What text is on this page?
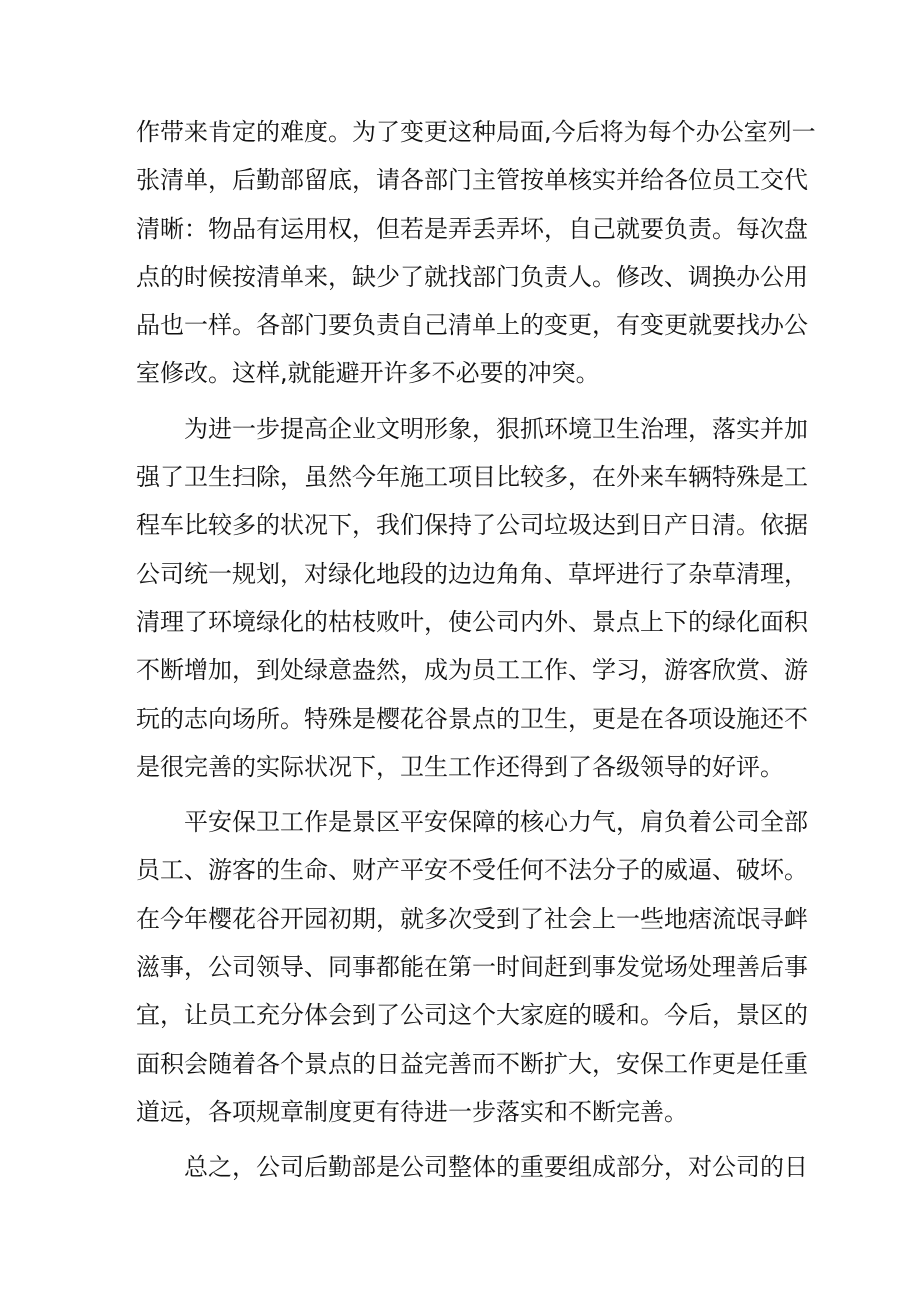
作带来肯定的难度。为了变更这种局面,今后将为每个办公室列一
张清单，后勤部留底，请各部门主管按单核实并给各位员工交代
清晰：物品有运用权，但若是弄丢弄坏，自己就要负责。每次盘
点的时候按清单来，缺少了就找部门负责人。修改、调换办公用
品也一样。各部门要负责自己清单上的变更，有变更就要找办公
室修改。这样,就能避开许多不必要的冲突。
为进一步提高企业文明形象，狠抓环境卫生治理，落实并加
强了卫生扫除，虽然今年施工项目比较多，在外来车辆特殊是工
程车比较多的状况下，我们保持了公司垃圾达到日产日清。依据
公司统一规划，对绿化地段的边边角角、草坪进行了杂草清理，
清理了环境绿化的枯枝败叶，使公司内外、景点上下的绿化面积
不断增加，到处绿意盎然，成为员工工作、学习，游客欣赏、游
玩的志向场所。特殊是樱花谷景点的卫生，更是在各项设施还不
是很完善的实际状况下，卫生工作还得到了各级领导的好评。
平安保卫工作是景区平安保障的核心力气，肩负着公司全部
员工、游客的生命、财产平安不受任何不法分子的威逼、破坏。
在今年樱花谷开园初期，就多次受到了社会上一些地痞流氓寻衅
滋事，公司领导、同事都能在第一时间赶到事发觉场处理善后事
宜，让员工充分体会到了公司这个大家庭的暖和。今后，景区的
面积会随着各个景点的日益完善而不断扩大，安保工作更是任重
道远，各项规章制度更有待进一步落实和不断完善。
总之，公司后勤部是公司整体的重要组成部分，对公司的日
